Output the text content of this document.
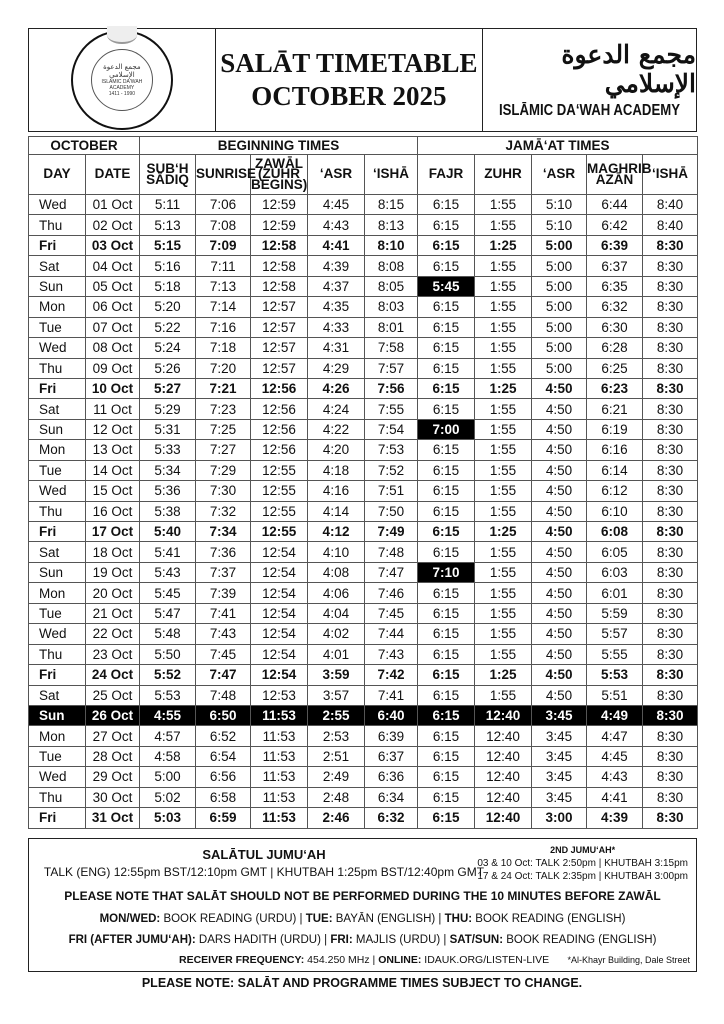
مجمع الدعوة الإسلامي
ISLAMIC DA'WAH ACADEMY
1411 - 1990
SALĀT TIMETABLE
OCTOBER 2025
مجمع الدعوة الإسلامي
ISLĀMIC DA‘WAH ACADEMY
OCTOBER		BEGINNING TIMES					JAMĀ‘AT TIMES				
DAY	DATE	SUB‘H SĀDIQ	SUNRISE	ZAWĀL (ZUHR BEGINS)	‘ASR	‘ISHĀ	FAJR	ZUHR	‘ASR	MAGHRIB AZĀN	‘ISHĀ
Wed	01 Oct	5:11	7:06	12:59	4:45	8:15	6:15	1:55	5:10	6:44	8:40
Thu	02 Oct	5:13	7:08	12:59	4:43	8:13	6:15	1:55	5:10	6:42	8:40
Fri	03 Oct	5:15	7:09	12:58	4:41	8:10	6:15	1:25	5:00	6:39	8:30
Sat	04 Oct	5:16	7:11	12:58	4:39	8:08	6:15	1:55	5:00	6:37	8:30
Sun	05 Oct	5:18	7:13	12:58	4:37	8:05	5:45	1:55	5:00	6:35	8:30
Mon	06 Oct	5:20	7:14	12:57	4:35	8:03	6:15	1:55	5:00	6:32	8:30
Tue	07 Oct	5:22	7:16	12:57	4:33	8:01	6:15	1:55	5:00	6:30	8:30
Wed	08 Oct	5:24	7:18	12:57	4:31	7:58	6:15	1:55	5:00	6:28	8:30
Thu	09 Oct	5:26	7:20	12:57	4:29	7:57	6:15	1:55	5:00	6:25	8:30
Fri	10 Oct	5:27	7:21	12:56	4:26	7:56	6:15	1:25	4:50	6:23	8:30
Sat	11 Oct	5:29	7:23	12:56	4:24	7:55	6:15	1:55	4:50	6:21	8:30
Sun	12 Oct	5:31	7:25	12:56	4:22	7:54	7:00	1:55	4:50	6:19	8:30
Mon	13 Oct	5:33	7:27	12:56	4:20	7:53	6:15	1:55	4:50	6:16	8:30
Tue	14 Oct	5:34	7:29	12:55	4:18	7:52	6:15	1:55	4:50	6:14	8:30
Wed	15 Oct	5:36	7:30	12:55	4:16	7:51	6:15	1:55	4:50	6:12	8:30
Thu	16 Oct	5:38	7:32	12:55	4:14	7:50	6:15	1:55	4:50	6:10	8:30
Fri	17 Oct	5:40	7:34	12:55	4:12	7:49	6:15	1:25	4:50	6:08	8:30
Sat	18 Oct	5:41	7:36	12:54	4:10	7:48	6:15	1:55	4:50	6:05	8:30
Sun	19 Oct	5:43	7:37	12:54	4:08	7:47	7:10	1:55	4:50	6:03	8:30
Mon	20 Oct	5:45	7:39	12:54	4:06	7:46	6:15	1:55	4:50	6:01	8:30
Tue	21 Oct	5:47	7:41	12:54	4:04	7:45	6:15	1:55	4:50	5:59	8:30
Wed	22 Oct	5:48	7:43	12:54	4:02	7:44	6:15	1:55	4:50	5:57	8:30
Thu	23 Oct	5:50	7:45	12:54	4:01	7:43	6:15	1:55	4:50	5:55	8:30
Fri	24 Oct	5:52	7:47	12:54	3:59	7:42	6:15	1:25	4:50	5:53	8:30
Sat	25 Oct	5:53	7:48	12:53	3:57	7:41	6:15	1:55	4:50	5:51	8:30
Sun	26 Oct	4:55	6:50	11:53	2:55	6:40	6:15	12:40	3:45	4:49	8:30
Mon	27 Oct	4:57	6:52	11:53	2:53	6:39	6:15	12:40	3:45	4:47	8:30
Tue	28 Oct	4:58	6:54	11:53	2:51	6:37	6:15	12:40	3:45	4:45	8:30
Wed	29 Oct	5:00	6:56	11:53	2:49	6:36	6:15	12:40	3:45	4:43	8:30
Thu	30 Oct	5:02	6:58	11:53	2:48	6:34	6:15	12:40	3:45	4:41	8:30
Fri	31 Oct	5:03	6:59	11:53	2:46	6:32	6:15	12:40	3:00	4:39	8:30
SALĀTUL JUMU‘AH
TALK (ENG) 12:55pm BST/12:10pm GMT | KHUTBAH 1:25pm BST/12:40pm GMT
2ND JUMU‘AH*
03 & 10 Oct: TALK 2:50pm | KHUTBAH 3:15pm
17 & 24 Oct: TALK 2:35pm | KHUTBAH 3:00pm
PLEASE NOTE THAT SALĀT SHOULD NOT BE PERFORMED DURING THE 10 MINUTES BEFORE ZAWĀL
MON/WED: BOOK READING (URDU) | TUE: BAYĀN (ENGLISH) | THU: BOOK READING (ENGLISH)
FRI (AFTER JUMU‘AH): DARS HADITH (URDU) | FRI: MAJLIS (URDU) | SAT/SUN: BOOK READING (ENGLISH)
RECEIVER FREQUENCY: 454.250 MHz | ONLINE: IDAUK.ORG/LISTEN-LIVE *Al-Khayr Building, Dale Street
PLEASE NOTE: SALĀT AND PROGRAMME TIMES SUBJECT TO CHANGE.
